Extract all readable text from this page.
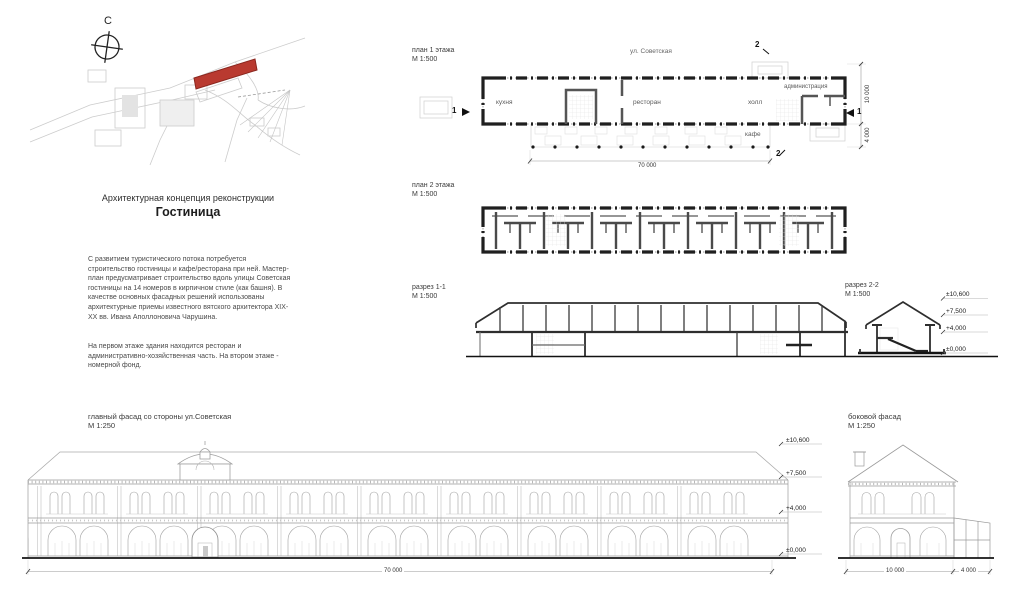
С
Архитектурная концепция реконструкции
Гостиница
С развитием туристического потока потребуется строительство гостиницы и кафе/ресторана при ней. Мастер-план предусматривает строительство вдоль улицы Советская гостиницы на 14 номеров в кирпичном стиле (как башня). В качестве основных фасадных решений использованы архитектурные приемы известного вятского архитектора XIX-XX вв. Ивана Аполлоновича Чарушина.
На первом этаже здания находится ресторан и административно-хозяйственная часть. На втором этаже - номерной фонд.
план 1 этажа
М 1:500
ул. Советская
кухня	ресторан	холл
администрация
кафе
1	1
2
2
70 000
10 000
4 000
план 2 этажа
М 1:500
разрез 1-1
М 1:500
разрез 2-2
М 1:500	±10,600
+7,500
+4,000
±0,000
главный фасад со стороны ул.Советская
М 1:250
боковой фасад
М 1:250
±10,600
+7,500
+4,000
±0,000
70 000	10 000	4 000
